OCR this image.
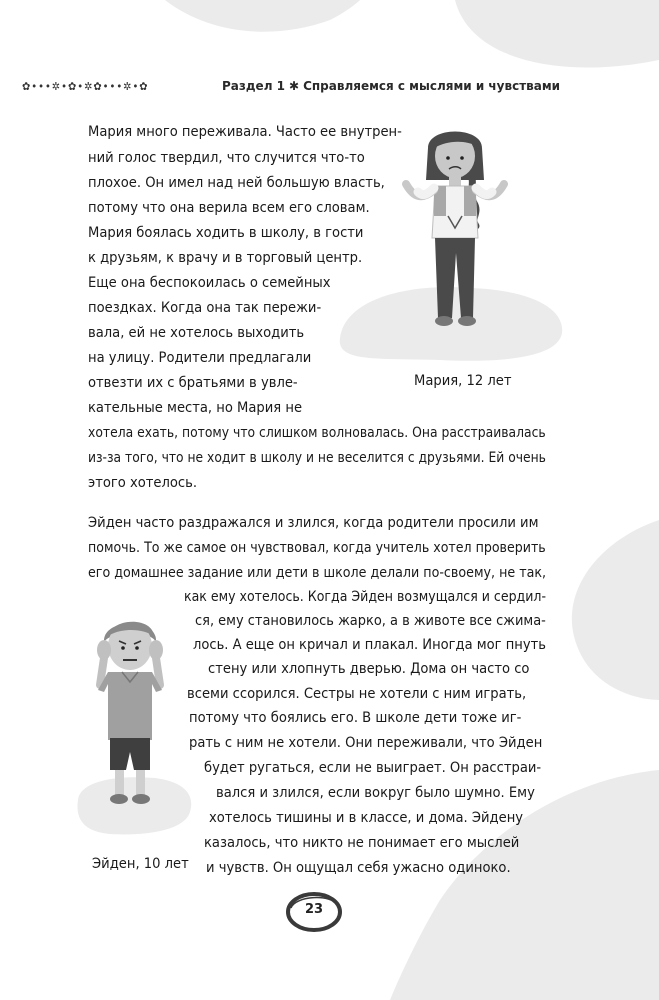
✿•••✲•✿•✲✿•••✲•✿	Раздел 1 ✱ Справляемся с мыслями и чувствами
Мария много переживала. Часто ее внутрен-
ний голос твердил, что случится что-то
плохое. Он имел над ней большую власть,
потому что она верила всем его словам.
Мария боялась ходить в школу, в гости
к друзьям, к врачу и в торговый центр.
Еще она беспокоилась о семейных
поездках. Когда она так пережи-
вала, ей не хотелось выходить
на улицу. Родители предлагали
отвезти их с братьями в увле-
кательные места, но Мария не
хотела ехать, потому что слишком волновалась. Она расстраивалась
из-за того, что не ходит в школу и не веселится с друзьями. Ей очень
этого хотелось.
Мария, 12 лет
Эйден часто раздражался и злился, когда родители просили им
помочь. То же самое он чувствовал, когда учитель хотел проверить
его домашнее задание или дети в школе делали по-своему, не так,
как ему хотелось. Когда Эйден возмущался и сердил-
ся, ему становилось жарко, а в животе все сжима-
лось. А еще он кричал и плакал. Иногда мог пнуть
стену или хлопнуть дверью. Дома он часто со
всеми ссорился. Сестры не хотели с ним играть,
потому что боялись его. В школе дети тоже иг-
рать с ним не хотели. Они переживали, что Эйден
будет ругаться, если не выиграет. Он расстраи-
вался и злился, если вокруг было шумно. Ему
хотелось тишины и в классе, и дома. Эйдену
казалось, что никто не понимает его мыслей
и чувств. Он ощущал себя ужасно одиноко.
Эйден, 10 лет
23
